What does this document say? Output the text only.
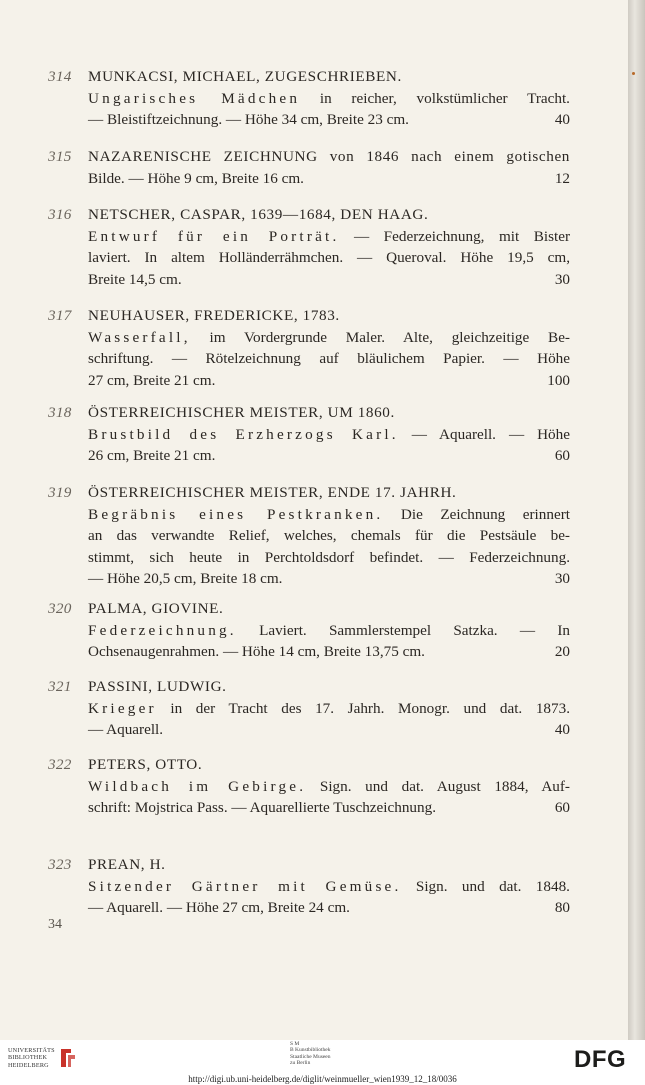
314	MUNKACSI, MICHAEL, ZUGESCHRIEBEN.
Ungarisches Mädchen in reicher, volkstümlicher Tracht.
— Bleistiftzeichnung. — Höhe 34 cm, Breite 23 cm.	40
315	NAZARENISCHE ZEICHNUNG von 1846 nach einem gotischen
Bilde. — Höhe 9 cm, Breite 16 cm.	12
316	NETSCHER, CASPAR, 1639—1684, DEN HAAG.
Entwurf für ein Porträt. — Federzeichnung, mit Bister
laviert. In altem Holländerrähmchen. — Queroval. Höhe 19,5 cm,
Breite 14,5 cm.	30
317	NEUHAUSER, FREDERICKE, 1783.
Wasserfall, im Vordergrunde Maler. Alte, gleichzeitige Be-
schriftung. — Rötelzeichnung auf bläulichem Papier. — Höhe
27 cm, Breite 21 cm.	100
318	ÖSTERREICHISCHER MEISTER, UM 1860.
Brustbild des Erzherzogs Karl. — Aquarell. — Höhe
26 cm, Breite 21 cm.	60
319	ÖSTERREICHISCHER MEISTER, ENDE 17. JAHRH.
Begräbnis eines Pestkranken. Die Zeichnung erinnert
an das verwandte Relief, welches, chemals für die Pestsäule be-
stimmt, sich heute in Perchtoldsdorf befindet. — Federzeichnung.
— Höhe 20,5 cm, Breite 18 cm.	30
320	PALMA, GIOVINE.
Federzeichnung. Laviert. Sammlerstempel Satzka. — In
Ochsenaugenrahmen. — Höhe 14 cm, Breite 13,75 cm.	20
321	PASSINI, LUDWIG.
Krieger in der Tracht des 17. Jahrh. Monogr. und dat. 1873.
— Aquarell.	40
322	PETERS, OTTO.
Wildbach im Gebirge. Sign. und dat. August 1884, Auf-
schrift: Mojstrica Pass. — Aquarellierte Tuschzeichnung.	60
323	PREAN, H.
Sitzender Gärtner mit Gemüse. Sign. und dat. 1848.
— Aquarell. — Höhe 27 cm, Breite 24 cm.	80
34
UNIVERSITÄTS
BIBLIOTHEK
HEIDELBERG
S M
B Kunstbibliothek
Staatliche Museen
zu Berlin	DFG
http://digi.ub.uni-heidelberg.de/diglit/weinmueller_wien1939_12_18/0036
